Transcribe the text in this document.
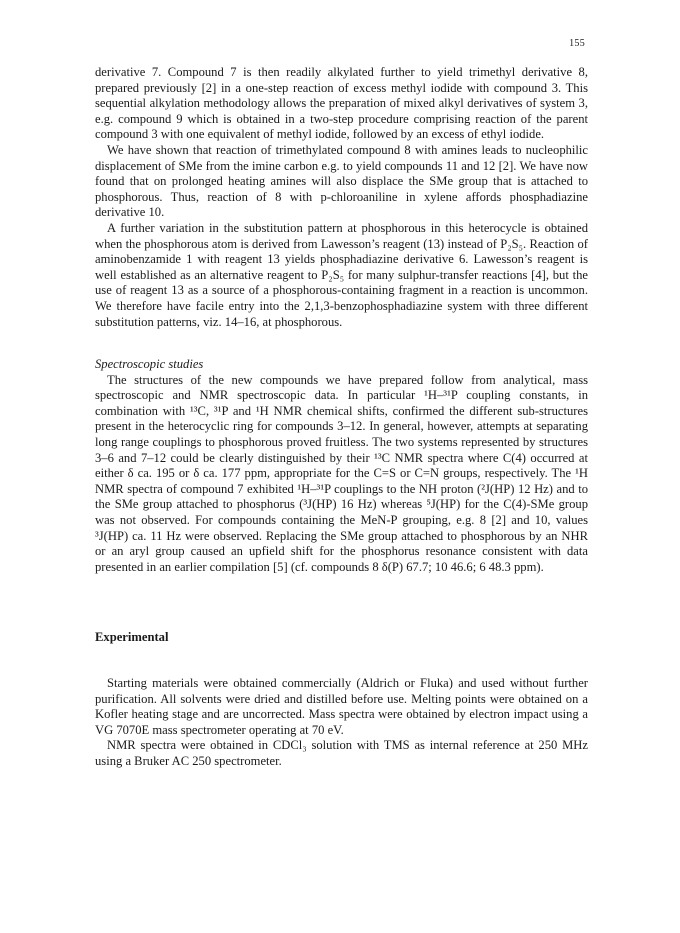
155

derivative 7. Compound 7 is then readily alkylated further to yield trimethyl derivative 8, prepared previously [2] in a one-step reaction of excess methyl iodide with compound 3. This sequential alkylation methodology allows the preparation of mixed alkyl derivatives of system 3, e.g. compound 9 which is obtained in a two-step procedure comprising reaction of the parent compound 3 with one equivalent of methyl iodide, followed by an excess of ethyl iodide.

We have shown that reaction of trimethylated compound 8 with amines leads to nucleophilic displacement of SMe from the imine carbon e.g. to yield compounds 11 and 12 [2]. We have now found that on prolonged heating amines will also displace the SMe group that is attached to phosphorous. Thus, reaction of 8 with p-chloroaniline in xylene affords phosphadiazine derivative 10.

A further variation in the substitution pattern at phosphorous in this heterocycle is obtained when the phosphorous atom is derived from Lawesson’s reagent (13) instead of P₂S₅. Reaction of aminobenzamide 1 with reagent 13 yields phosphadiazine derivative 6. Lawesson’s reagent is well established as an alternative reagent to P₂S₅ for many sulphur-transfer reactions [4], but the use of reagent 13 as a source of a phosphorous-containing fragment in a reaction is uncommon. We therefore have facile entry into the 2,1,3-benzophosphadiazine system with three different substitution patterns, viz. 14–16, at phosphorous.

Spectroscopic studies

The structures of the new compounds we have prepared follow from analytical, mass spectroscopic and NMR spectroscopic data. In particular ¹H–³¹P coupling constants, in combination with ¹³C, ³¹P and ¹H NMR chemical shifts, confirmed the different sub-structures present in the heterocyclic ring for compounds 3–12. In general, however, attempts at separating long range couplings to phosphorous proved fruitless. The two systems represented by structures 3–6 and 7–12 could be clearly distinguished by their ¹³C NMR spectra where C(4) occurred at either δ ca. 195 or δ ca. 177 ppm, appropriate for the C=S or C=N groups, respectively. The ¹H NMR spectra of compound 7 exhibited ¹H–³¹P couplings to the NH proton (²J(HP) 12 Hz) and to the SMe group attached to phosphorus (³J(HP) 16 Hz) whereas ⁵J(HP) for the C(4)-SMe group was not observed. For compounds containing the MeN-P grouping, e.g. 8 [2] and 10, values ³J(HP) ca. 11 Hz were observed. Replacing the SMe group attached to phosphorous by an NHR or an aryl group caused an upfield shift for the phosphorus resonance consistent with data presented in an earlier compilation [5] (cf. compounds 8 δ(P) 67.7; 10 46.6; 6 48.3 ppm).

Experimental

Starting materials were obtained commercially (Aldrich or Fluka) and used without further purification. All solvents were dried and distilled before use. Melting points were obtained on a Kofler heating stage and are uncorrected. Mass spectra were obtained by electron impact using a VG 7070E mass spectrometer operating at 70 eV.

NMR spectra were obtained in CDCl₃ solution with TMS as internal reference at 250 MHz using a Bruker AC 250 spectrometer.
